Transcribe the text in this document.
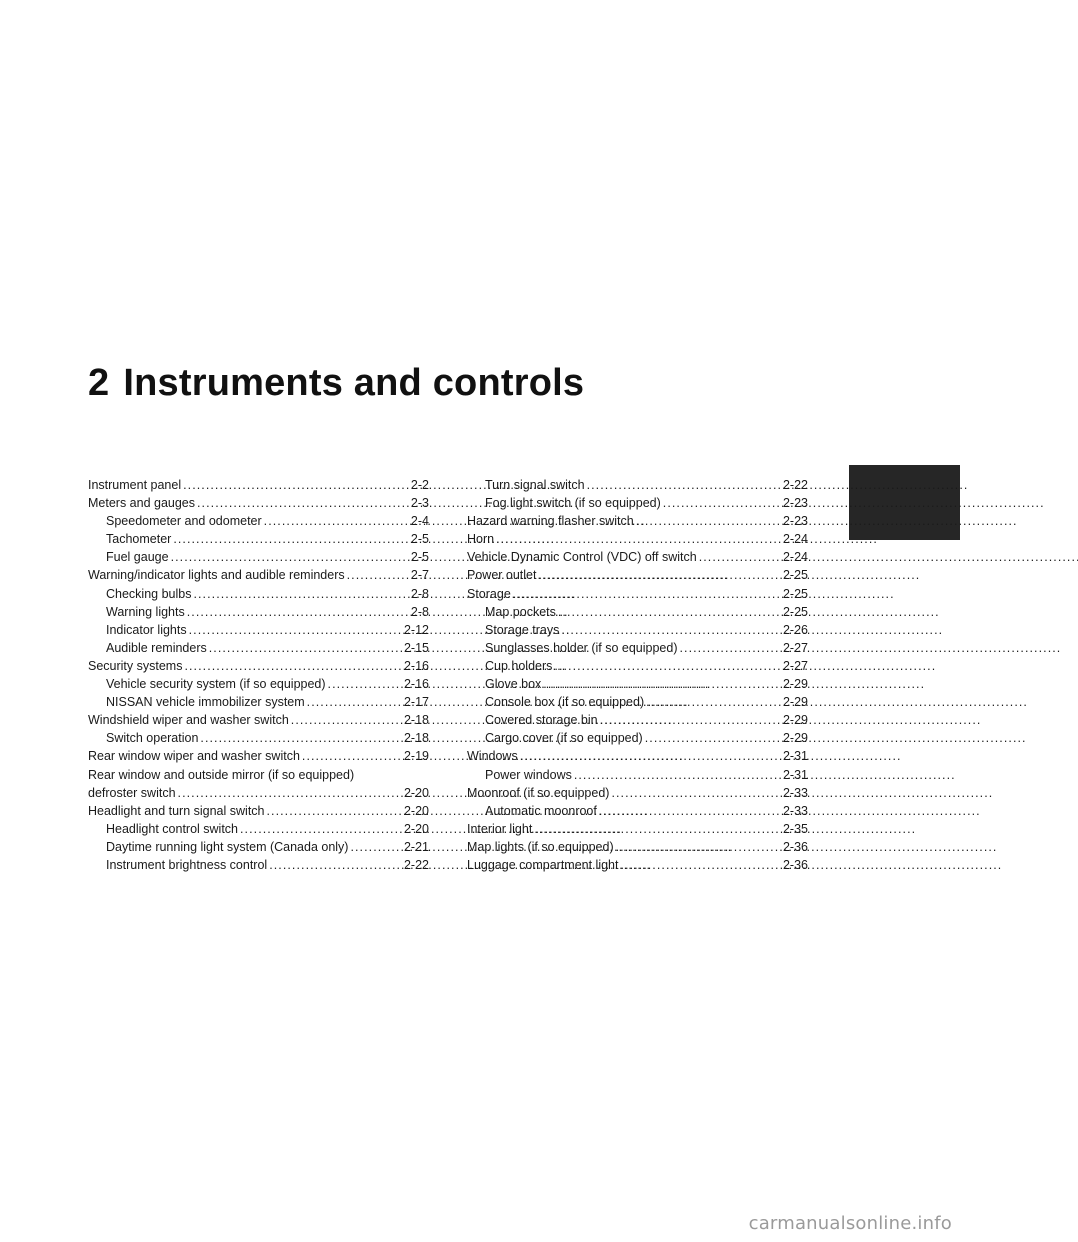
2 Instruments and controls
Instrument panel . . .	2-2
Meters and gauges . . .	2-3
Speedometer and odometer . . .	2-4
Tachometer . . .	2-5
Fuel gauge . . .	2-5
Warning/indicator lights and audible reminders . . .	2-7
Checking bulbs . . .	2-8
Warning lights . . .	2-8
Indicator lights . . .	2-12
Audible reminders . . .	2-15
Security systems . . .	2-16
Vehicle security system (if so equipped) . . .	2-16
NISSAN vehicle immobilizer system . . .	2-17
Windshield wiper and washer switch . . .	2-18
Switch operation . . .	2-18
Rear window wiper and washer switch . . .	2-19
Rear window and outside mirror (if so equipped)
defroster switch . . .	2-20
Headlight and turn signal switch . . .	2-20
Headlight control switch . . .	2-20
Daytime running light system (Canada only) . . .	2-21
Instrument brightness control . . .	2-22
Turn signal switch . . .	2-22
Fog light switch (if so equipped) . . .	2-23
Hazard warning flasher switch . . .	2-23
Horn . . .	2-24
Vehicle Dynamic Control (VDC) off switch . . .	2-24
Power outlet . . .	2-25
Storage . . .	2-25
Map pockets . . .	2-25
Storage trays . . .	2-26
Sunglasses holder (if so equipped) . . .	2-27
Cup holders . . .	2-27
Glove box . . .	2-29
Console box (if so equipped) . . .	2-29
Covered storage bin . . .	2-29
Cargo cover (if so equipped) . . .	2-29
Windows . . .	2-31
Power windows . . .	2-31
Moonroof (if so equipped) . . .	2-33
Automatic moonroof . . .	2-33
Interior light . . .	2-35
Map lights (if so equipped) . . .	2-36
Luggage compartment light . . .	2-36

carmanualsonline.info
